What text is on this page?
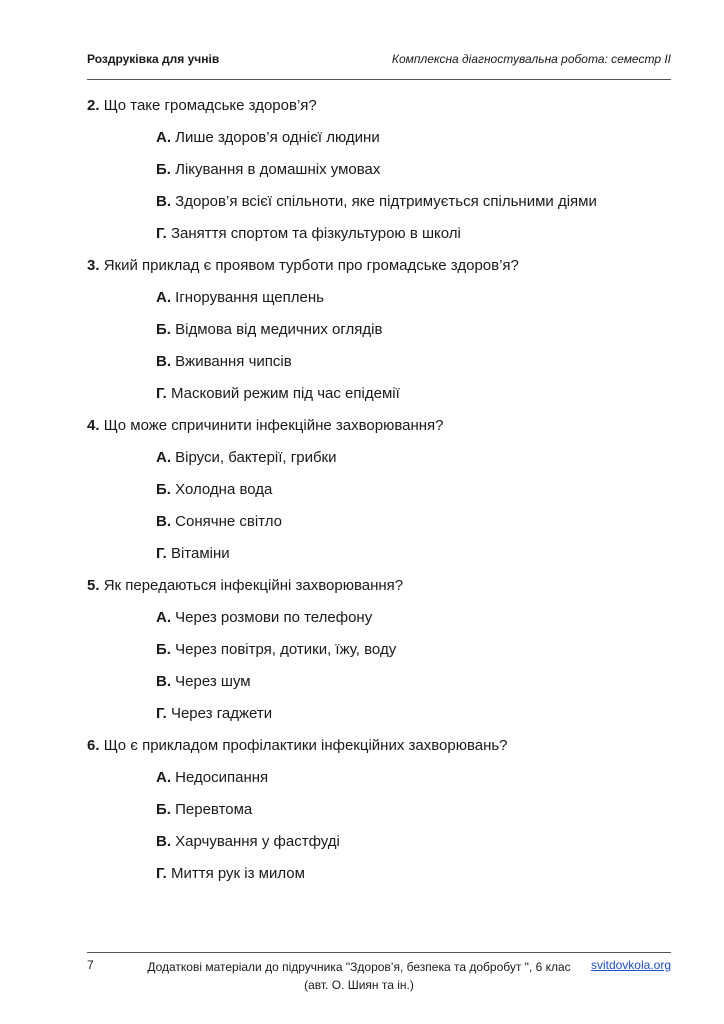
Роздруківка для учнів	Комплексна діагностувальна робота: семестр ІІ
2.
Що таке громадське здоров’я?
А.
Лише здоров’я однієї людини
Б.
Лікування в домашніх умовах
В.
Здоров’я всієї спільноти, яке підтримується спільними діями
Г.
Заняття спортом та фізкультурою в школі
3.
Який приклад є проявом турботи про громадське здоров’я?
А.
Ігнорування щеплень
Б.
Відмова від медичних оглядів
В.
Вживання чипсів
Г.
Масковий режим під час епідемії
4.
Що може спричинити інфекційне захворювання?
А.
Віруси, бактерії, грибки
Б.
Холодна вода
В.
Сонячне світло
Г.
Вітаміни
5.
Як передаються інфекційні захворювання?
А.
Через розмови по телефону
Б.
Через повітря, дотики, їжу, воду
В.
Через шум
Г.
Через гаджети
6.
Що є прикладом профілактики інфекційних захворювань?
А.
Недосипання
Б.
Перевтома
В.
Харчування у фастфуді
Г.
Миття рук із милом
7	Додаткові матеріали до підручника "Здоров’я, безпека та добробут ", 6 клас
(авт. О. Шиян та ін.)
svitdovkola.org
